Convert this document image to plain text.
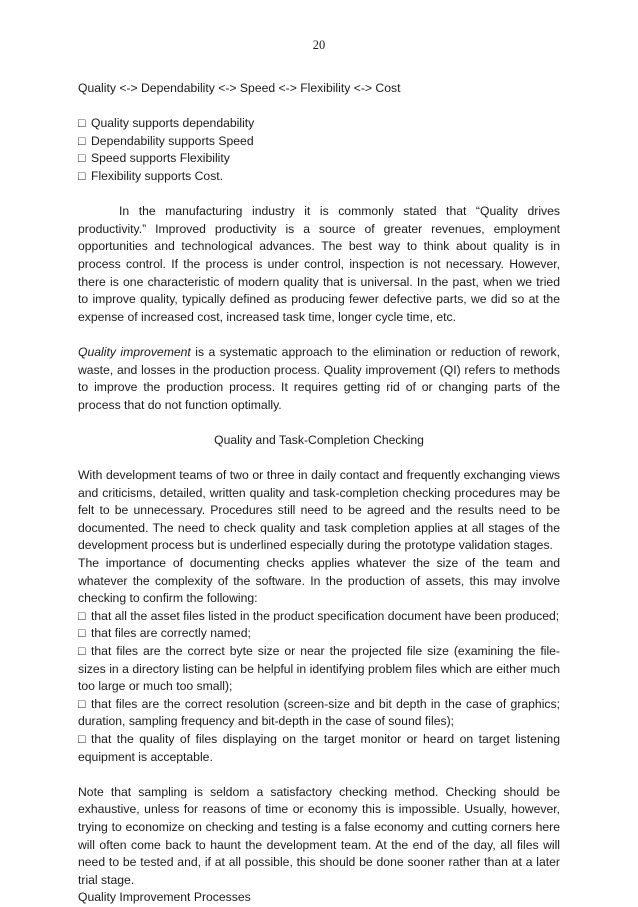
20

Quality <-> Dependability <-> Speed <-> Flexibility <-> Cost

□ Quality supports dependability

□ Dependability supports Speed

□ Speed supports Flexibility

□ Flexibility supports Cost.

In the manufacturing industry it is commonly stated that “Quality drives productivity.” Improved productivity is a source of greater revenues, employment opportunities and technological advances. The best way to think about quality is in process control. If the process is under control, inspection is not necessary. However, there is one characteristic of modern quality that is universal. In the past, when we tried to improve quality, typically defined as producing fewer defective parts, we did so at the expense of increased cost, increased task time, longer cycle time, etc.

Quality improvement is a systematic approach to the elimination or reduction of rework, waste, and losses in the production process. Quality improvement (QI) refers to methods to improve the production process. It requires getting rid of or changing parts of the process that do not function optimally.

Quality and Task-Completion Checking

With development teams of two or three in daily contact and frequently exchanging views and criticisms, detailed, written quality and task-completion checking procedures may be felt to be unnecessary. Procedures still need to be agreed and the results need to be documented. The need to check quality and task completion applies at all stages of the development process but is underlined especially during the prototype validation stages.

The importance of documenting checks applies whatever the size of the team and whatever the complexity of the software. In the production of assets, this may involve checking to confirm the following:

□ that all the asset files listed in the product specification document have been produced;

□ that files are correctly named;

□ that files are the correct byte size or near the projected file size (examining the file-sizes in a directory listing can be helpful in identifying problem files which are either much too large or much too small);

□ that files are the correct resolution (screen-size and bit depth in the case of graphics; duration, sampling frequency and bit-depth in the case of sound files);

□ that the quality of files displaying on the target monitor or heard on target listening equipment is acceptable.

Note that sampling is seldom a satisfactory checking method. Checking should be exhaustive, unless for reasons of time or economy this is impossible. Usually, however, trying to economize on checking and testing is a false economy and cutting corners here will often come back to haunt the development team. At the end of the day, all files will need to be tested and, if at all possible, this should be done sooner rather than at a later trial stage.

Quality Improvement Processes
